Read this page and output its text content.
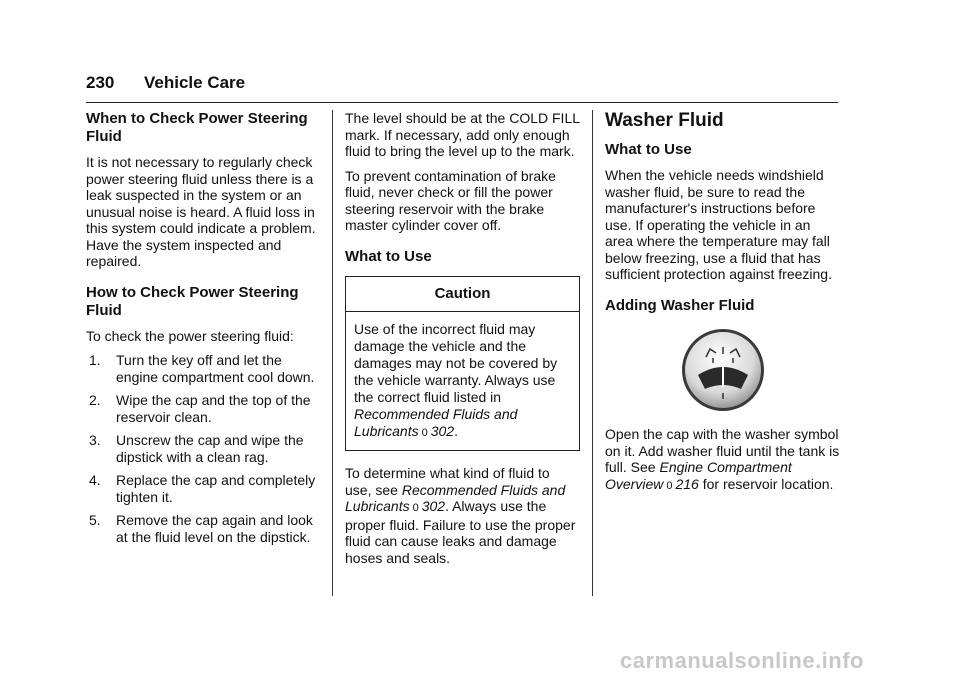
230 Vehicle Care
When to Check Power Steering Fluid

It is not necessary to regularly check power steering fluid unless there is a leak suspected in the system or an unusual noise is heard. A fluid loss in this system could indicate a problem. Have the system inspected and repaired.

How to Check Power Steering Fluid

To check the power steering fluid:

1. Turn the key off and let the engine compartment cool down.
2. Wipe the cap and the top of the reservoir clean.
3. Unscrew the cap and wipe the dipstick with a clean rag.
4. Replace the cap and completely tighten it.
5. Remove the cap again and look at the fluid level on the dipstick.

The level should be at the COLD FILL mark. If necessary, add only enough fluid to bring the level up to the mark.

To prevent contamination of brake fluid, never check or fill the power steering reservoir with the brake master cylinder cover off.

What to Use
Caution
Use of the incorrect fluid may damage the vehicle and the damages may not be covered by the vehicle warranty. Always use the correct fluid listed in Recommended Fluids and Lubricants 0 302.

To determine what kind of fluid to use, see Recommended Fluids and Lubricants 0 302. Always use the proper fluid. Failure to use the proper fluid can cause leaks and damage hoses and seals.

Washer Fluid
What to Use

When the vehicle needs windshield washer fluid, be sure to read the manufacturer's instructions before use. If operating the vehicle in an area where the temperature may fall below freezing, use a fluid that has sufficient protection against freezing.

Adding Washer Fluid

Open the cap with the washer symbol on it. Add washer fluid until the tank is full. See Engine Compartment Overview 0 216 for reservoir location.

carmanualsonline.info
